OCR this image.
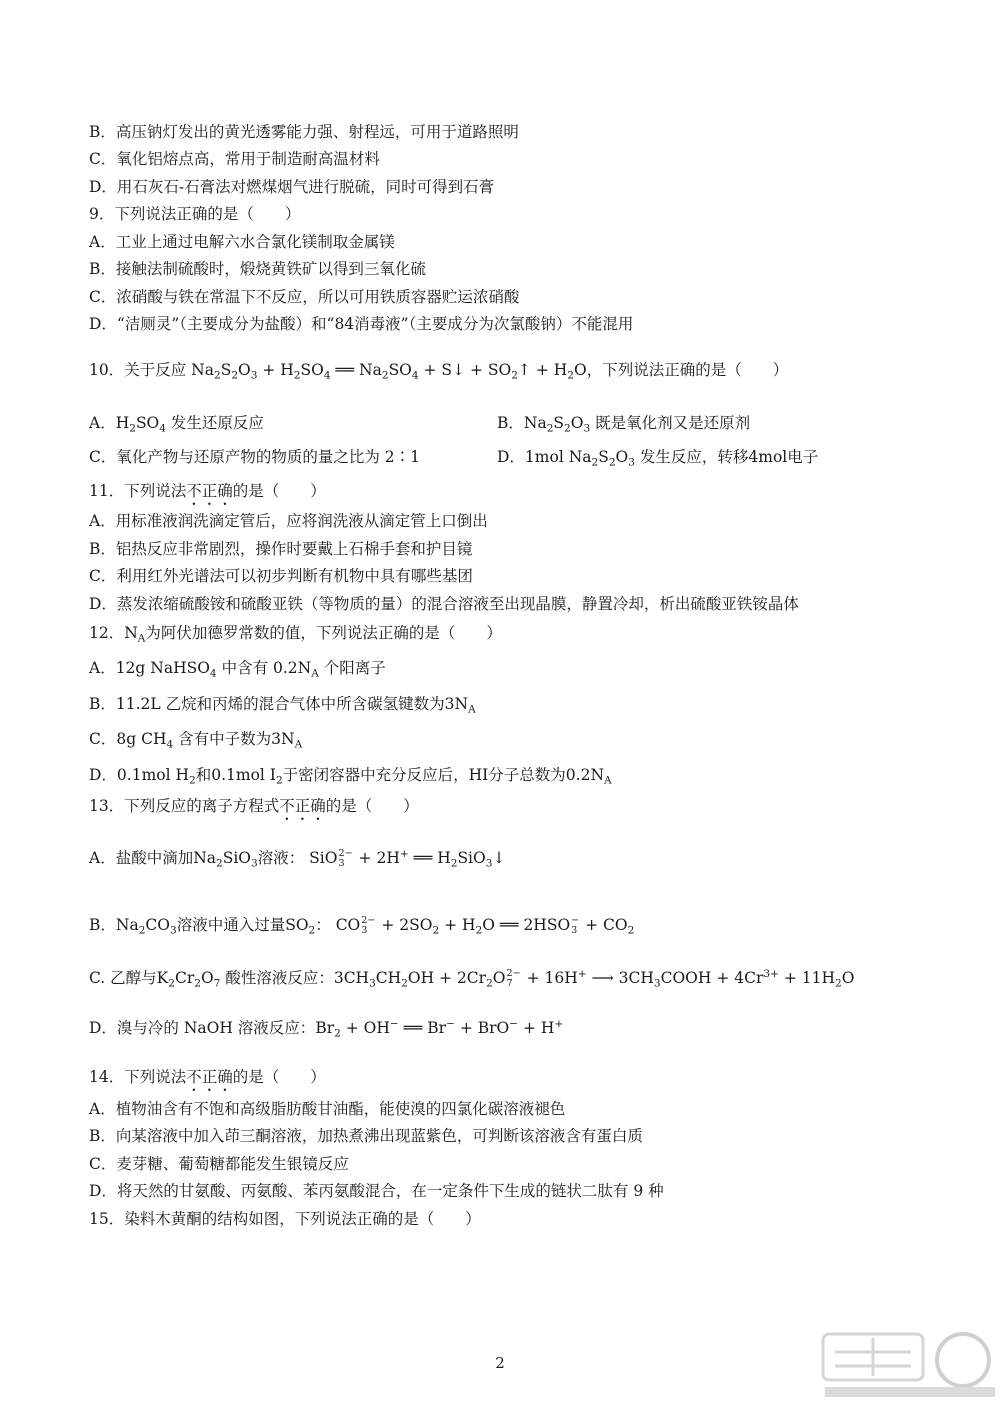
B．高压钠灯发出的黄光透雾能力强、射程远，可用于道路照明
C．氧化铝熔点高，常用于制造耐高温材料
D．用石灰石-石膏法对燃煤烟气进行脱硫，同时可得到石膏
9．下列说法正确的是（　　）
A．工业上通过电解六水合氯化镁制取金属镁
B．接触法制硫酸时，煅烧黄铁矿以得到三氧化硫
C．浓硝酸与铁在常温下不反应，所以可用铁质容器贮运浓硝酸
D．“洁厕灵”（主要成分为盐酸）和“84消毒液”（主要成分为次氯酸钠）不能混用
10．关于反应 $Na_2S_2O_3 + H_2SO_4$ ══ $Na_2SO_4$ + S↓ + $SO_2↑ + H_2O$，下列说法正确的是（　　）
A．$H_2SO_4$ 发生还原反应	B．$Na_2S_2O_3$ 既是氧化剂又是还原剂
C．氧化产物与还原产物的物质的量之比为 2∶1	D．1mol $Na_2S_2O_3$ 发生反应，转移4mol电子
11．下列说法不正确的是（　　）
A．用标准液润洗滴定管后，应将润洗液从滴定管上口倒出
B．铝热反应非常剧烈，操作时要戴上石棉手套和护目镜
C．利用红外光谱法可以初步判断有机物中具有哪些基团
D．蒸发浓缩硫酸铵和硫酸亚铁（等物质的量）的混合溶液至出现晶膜，静置冷却，析出硫酸亚铁铵晶体
12．$N_A$为阿伏加德罗常数的值，下列说法正确的是（　　）
A．12g NaHSO$_4$ 中含有 $0.2N_A$ 个阳离子
B．11.2L 乙烷和丙烯的混合气体中所含碳氢键数为$3N_A$
C．8g $CH_4$ 含有中子数为$3N_A$
D．0.1mol $H_2$和0.1mol $I_2$于密闭容器中充分反应后，HI分子总数为$0.2N_A$
13．下列反应的离子方程式不正确的是（　　）
A．盐酸中滴加$Na_2SiO_3$溶液： SiO 2−
3 + 2H+ ══ $H_2SiO_3↓$
B．$Na_2CO_3$溶液中通入过量$SO_2$： CO 2−
$3 + 2SO_2 + H_2O$ ══ 2HSO −
$3 + CO_2$
C. 乙醇与$K_2Cr_2O_7$ 酸性溶液反应：$3CH_3CH_2OH + 2Cr_2O$ 2−
7 + 16H+ ⟶ $3CH_3COOH + 4Cr^{3+} + 11H_2O$
D．溴与冷的 NaOH 溶液反应：$Br_2 + OH^-$ ══ Br− + BrO− + H+
14．下列说法不正确的是（　　）
A．植物油含有不饱和高级脂肪酸甘油酯，能使溴的四氯化碳溶液褪色
B．向某溶液中加入茚三酮溶液，加热煮沸出现蓝紫色，可判断该溶液含有蛋白质
C．麦芽糖、葡萄糖都能发生银镜反应
D．将天然的甘氨酸、丙氨酸、苯丙氨酸混合，在一定条件下生成的链状二肽有 9 种
15．染料木黄酮的结构如图，下列说法正确的是（　　）
2
